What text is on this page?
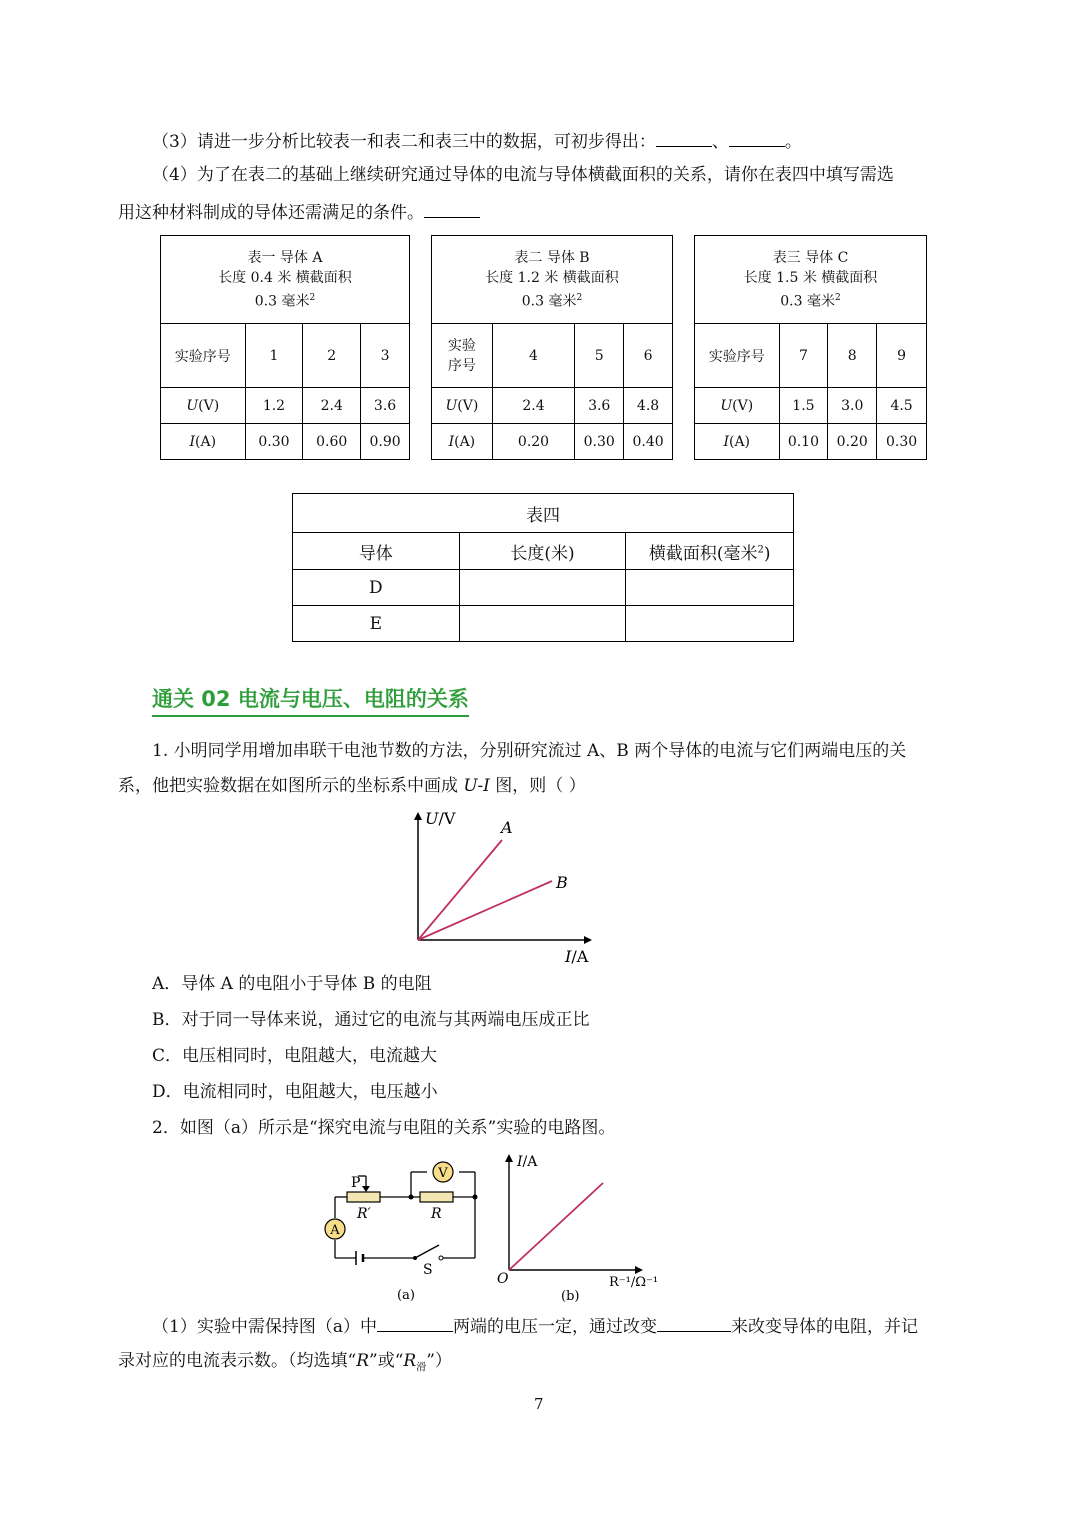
（3）请进一步分析比较表一和表二和表三中的数据，可初步得出：	、	。
（4）为了在表二的基础上继续研究通过导体的电流与导体横截面积的关系，请你在表四中填写需选
用这种材料制成的导体还需满足的条件。
表一 导体 A
长度 0.4 米 横截面积
0.3 毫米$^2$

实验序号	1	2	3
U(V)	1.2	2.4	3.6
I(A)	0.30	0.60	0.90
表二 导体 B
长度 1.2 米 横截面积
0.3 毫米$^2$

实验
序号	4	5	6
U(V)	2.4	3.6	4.8
I(A)	0.20	0.30	0.40
表三 导体 C
长度 1.5 米 横截面积
0.3 毫米$^2$

实验序号	7	8	9
U(V)	1.5	3.0	4.5
I(A)	0.10	0.20	0.30
表四		
导体	长度(米)	横截面积(毫米$^2$)
D		
E		
通关 02 电流与电压、电阻的关系
1. 小明同学用增加串联干电池节数的方法，分别研究流过 A、B 两个导体的电流与它们两端电压的关
系，他把实验数据在如图所示的坐标系中画成 U-I 图，则（ ）
U/V
I/A
A
B
A．导体 A 的电阻小于导体 B 的电阻
B．对于同一导体来说，通过它的电流与其两端电压成正比
C．电压相同时，电阻越大，电流越大
D．电流相同时，电阻越大，电压越小
2．如图（a）所示是“探究电流与电阻的关系”实验的电路图。
V
A
P
R′	R
S
(a)
I/A
O	R⁻¹/Ω⁻¹
(b)
（1）实验中需保持图（a）中	两端的电压一定，通过改变	来改变导体的电阻，并记
录对应的电流表示数。（均选填“R”或“$R_滑$”）
7
